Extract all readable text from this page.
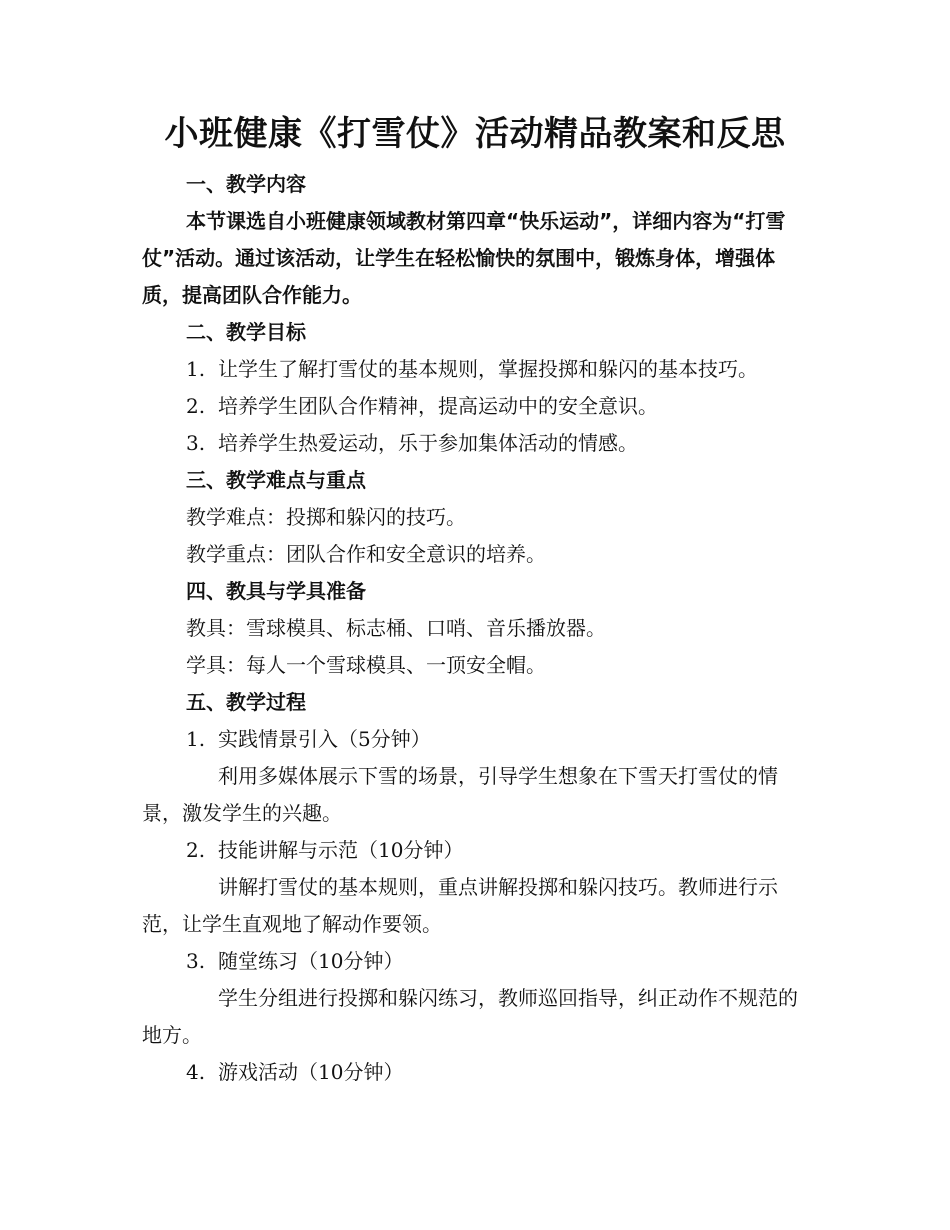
小班健康《打雪仗》活动精品教案和反思

一、教学内容

本节课选自小班健康领域教材第四章“快乐运动”，详细内容为“打雪仗”活动。通过该活动，让学生在轻松愉快的氛围中，锻炼身体，增强体质，提高团队合作能力。

二、教学目标

1. 让学生了解打雪仗的基本规则，掌握投掷和躲闪的基本技巧。

2. 培养学生团队合作精神，提高运动中的安全意识。

3. 培养学生热爱运动，乐于参加集体活动的情感。

三、教学难点与重点

教学难点：投掷和躲闪的技巧。

教学重点：团队合作和安全意识的培养。

四、教具与学具准备

教具：雪球模具、标志桶、口哨、音乐播放器。

学具：每人一个雪球模具、一顶安全帽。

五、教学过程

1. 实践情景引入（5分钟）

利用多媒体展示下雪的场景，引导学生想象在下雪天打雪仗的情景，激发学生的兴趣。

2. 技能讲解与示范（10分钟）

讲解打雪仗的基本规则，重点讲解投掷和躲闪技巧。教师进行示范，让学生直观地了解动作要领。

3. 随堂练习（10分钟）

学生分组进行投掷和躲闪练习，教师巡回指导，纠正动作不规范的地方。

4. 游戏活动（10分钟）
